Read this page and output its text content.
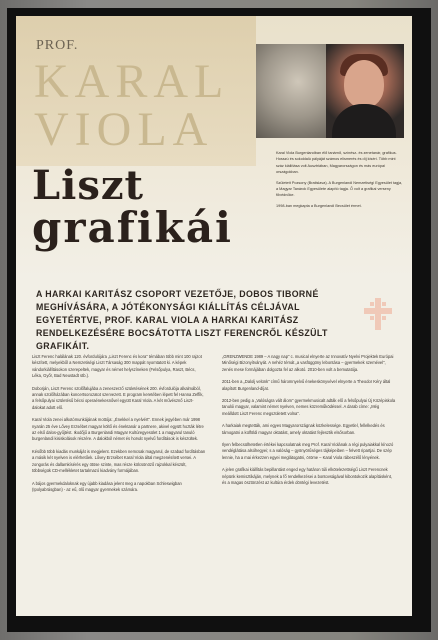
PROF.
KARAL
VIOLA
Liszt
grafikái

Karal Viola Burgenlandban élő tanárnő, színész- és zenetanár, grafikus. Hosszú és sokoldalú pályáját számos elismerés és díj kíséri. Több mint száz kiállítása volt Ausztriában, Magyarországon és más európai országokban.

Született Pozsony (Bratislava). A Burgenlandi Nemzetiségi Egyesület tagja, a Magyar Tanárok Egyesülete alapító tagja. Ő volt a grafikai verseny fővédnöke.

1998-ban megkapta a Burgenlandi Becsület érmet.

A HARKAI KARITÁSZ CSOPORT VEZETŐJE, DOBOS TIBORNÉ MEGHÍVÁSÁRA, A JÓTÉKONYSÁGI KIÁLLÍTÁS CÉLJÁVAL EGYETÉRTVE, PROF. KARAL VIOLA A HARKAI KARITÁSZ RENDELKEZÉSÉRE BOCSÁTOTTA LISZT FERENCRŐL KÉSZÜLT GRAFIKÁIT.

Liszt Ferenc halálának 120. évfordulójára „Liszt Ferenc és kora" témában több mint 100 rajzot készített, melyekből a Nemzetiségi Liszt Társaság 300 mappát nyomtatott ki. A képek vándorkiállításokon szerepeltek, magyar és német helyszíneken (Felsőpulya, Raszt, Bécs, Léka, Győr, Bad Neustadt stb.).

Doborján, Liszt Ferenc szülőfalujába a zeneszerző születésének 200. évfordulója alkalmából, annak szülőházában koncertsorozatot szervezett. E program keretében lépett fel Hanna Zeffik, a felsőpulyai születésű bécsi operaénekesnővel együtt Karal Viola. A két művésznő Liszt-dalokat adott elő.

Karal Viola zenei alkotómunkájának mottója: „Énekkel a nyelvért". Ennek jegyében már 1998 nyarán 25 éve Lővey Erzsébet magyar költő és énektanár a partnere, akivel együtt hozták létre az első dalos-gyűjtést. Ikodőjű a Burgenlandi Magyar Kultúregyesület 1 a magyarul tanuló burgenlandi kisiskolások részére. A dalokból német és horvát nyelvű fordítások is készültek.

Később több kiadás munkáját is megjelent. Ezekben nemcsak magyarul, de szabad fordításban a másik két nyelven is elérhetőek. Lővey Erzsébet Karal Viola által megzenésített versei. A zongorás és dallamkísérés egy ötöse szinte, mas része kölcsönöző rajzokkal készült, többségük CD-mellékletet tartalmazó kiadvány formájában.

A bájos gyermekdaloknak egy újabb kiadása jelent meg a napokban Schleswigban (Ipolyabrásgban) - az eű, ölű magyar gyermekek számára.

„GRENZWENDE 1989 – A nagy nap" c. musical elnyerte az Innovatív Nyelvi Projektek Európai Minőségi Bizonyítványát. A nehéz témát „a vasfüggöny lebontása – gyermekek szemével", zenés mese formájában dolgozta fel az alkotó. 2010-ben volt a bemutatója.

2011-ben a „Dalolj velünk" című háromnyelvű énekeskönyvével elnyerte a Theodor Kéry által alapított Burgenland-díjat.

2012-ben pedig a „Valóságra vált álom" gyermekmusicalt adták elő a felsőpulyai Új Középiskola tanulói magyar, valamint német nyelven, nemes közreműködéssel. A darab címe: „Még meálldott Liszt Ferenc megszületett volna".

A harkaiak megtetták, ami egyes Magyarországnak közkelessége. Egyetlel, fellelkedés és támogatni a külföldi magyar oktatást, amely oktatást fejlesztik elsősorban.

Ilyen felbecsülhetetlen értékei kapcsolatnak meg Prof. Karal Violának a régi pulyaiakkal kínozó vendéglátása alsóhegyei; s a valóság – gyönyörűséges tájképeiben – felvett ripartjai. De szép lennie, ha a mai érkezzen egyei meglátogatni, öröme – Karal Viola rábeszélő lényének.

A jelen grafikai kiállítás bepillantást enged egy határon túli elkötelezettségű Liszt Ferencnek népünk kemisztikáján, melynek a fő rendelkezései a bontovságával kibontokozik alapításként, és a magas ösztönzést az kultúra érdek döntégi levezetést.
